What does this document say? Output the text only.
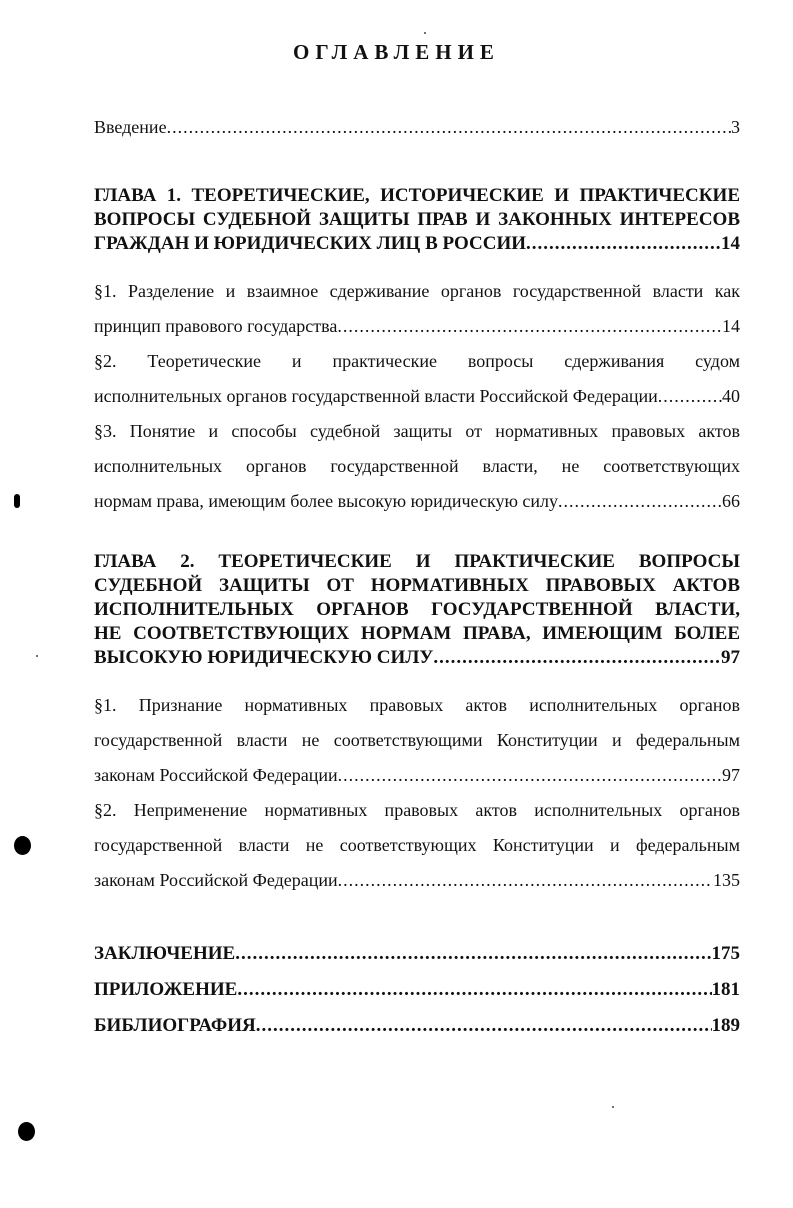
ОГЛАВЛЕНИЕ
Введение .....	3
ГЛАВА 1. ТЕОРЕТИЧЕСКИЕ, ИСТОРИЧЕСКИЕ И ПРАКТИЧЕСКИЕ
ВОПРОСЫ СУДЕБНОЙ ЗАЩИТЫ ПРАВ И ЗАКОННЫХ ИНТЕРЕСОВ
ГРАЖДАН И ЮРИДИЧЕСКИХ ЛИЦ В РОССИИ .....	14
§1. Разделение и взаимное сдерживание органов государственной власти как
принцип правового государства .....	14
§2. Теоретические и практические вопросы сдерживания судом
исполнительных органов государственной власти Российской Федерации .....	40
§3. Понятие и способы судебной защиты от нормативных правовых актов
исполнительных органов государственной власти, не соответствующих
нормам права, имеющим более высокую юридическую силу .....	66
ГЛАВА 2. ТЕОРЕТИЧЕСКИЕ И ПРАКТИЧЕСКИЕ ВОПРОСЫ
СУДЕБНОЙ ЗАЩИТЫ ОТ НОРМАТИВНЫХ ПРАВОВЫХ АКТОВ
ИСПОЛНИТЕЛЬНЫХ ОРГАНОВ ГОСУДАРСТВЕННОЙ ВЛАСТИ,
НЕ СООТВЕТСТВУЮЩИХ НОРМАМ ПРАВА, ИМЕЮЩИМ БОЛЕЕ
ВЫСОКУЮ ЮРИДИЧЕСКУЮ СИЛУ .....	97
§1. Признание нормативных правовых актов исполнительных органов
государственной власти не соответствующими Конституции и федеральным
законам Российской Федерации .....	97
§2. Неприменение нормативных правовых актов исполнительных органов
государственной власти не соответствующих Конституции и федеральным
законам Российской Федерации .....	135
ЗАКЛЮЧЕНИЕ .....	175
ПРИЛОЖЕНИЕ .....	181
БИБЛИОГРАФИЯ .....	189
